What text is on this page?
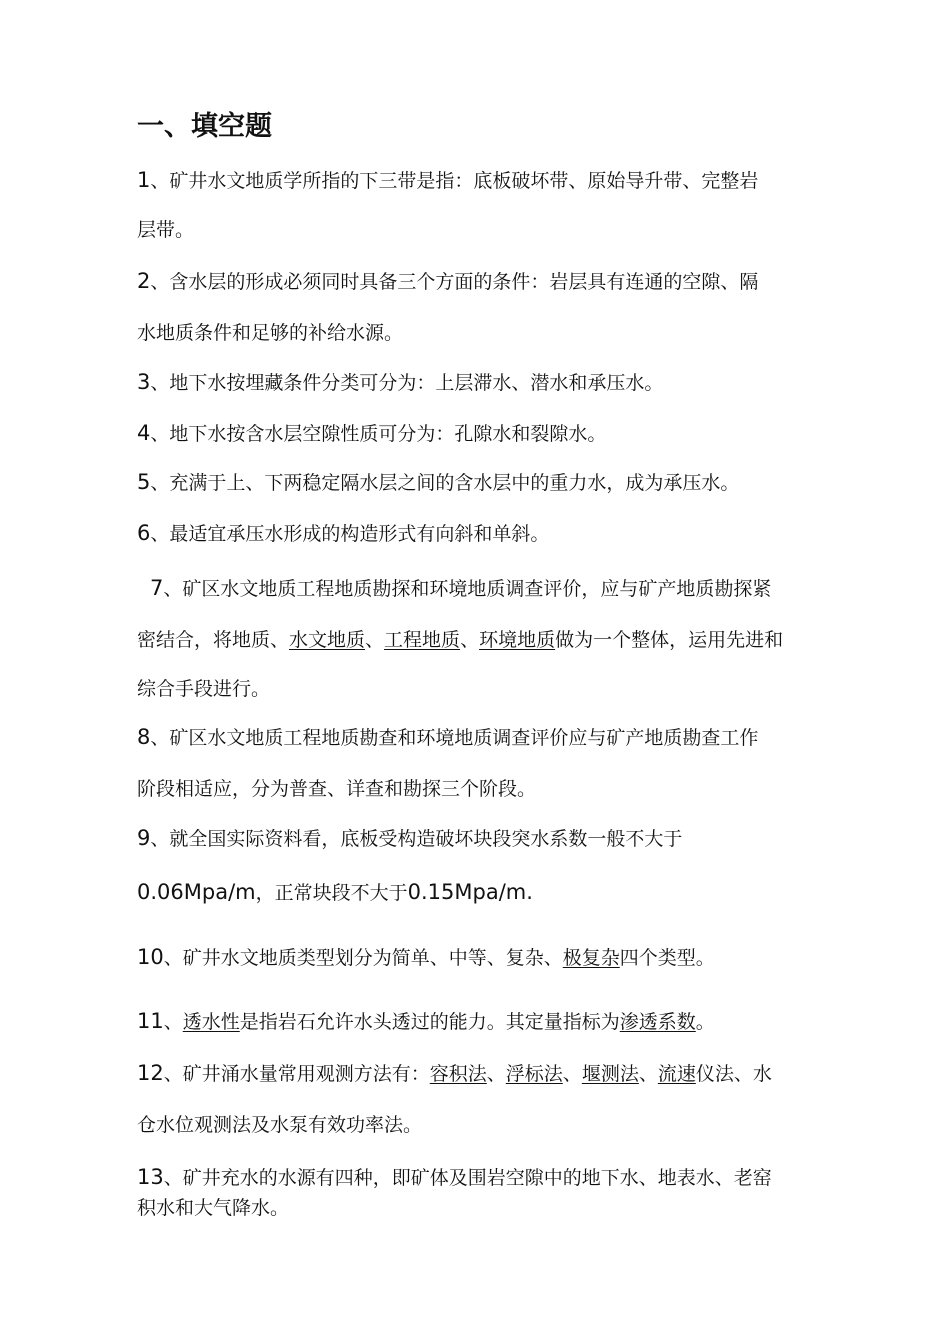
一、填空题
1、矿井水文地质学所指的下三带是指：底板破坏带、原始导升带、完整岩
层带。
2、含水层的形成必须同时具备三个方面的条件：岩层具有连通的空隙、隔
水地质条件和足够的补给水源。
3、地下水按埋藏条件分类可分为：上层滞水、潜水和承压水。
4、地下水按含水层空隙性质可分为：孔隙水和裂隙水。
5、充满于上、下两稳定隔水层之间的含水层中的重力水，成为承压水。
6、最适宜承压水形成的构造形式有向斜和单斜。
7、矿区水文地质工程地质勘探和环境地质调查评价，应与矿产地质勘探紧
密结合，将地质、水文地质、工程地质、环境地质做为一个整体，运用先进和
综合手段进行。
8、矿区水文地质工程地质勘查和环境地质调查评价应与矿产地质勘查工作
阶段相适应，分为普查、详查和勘探三个阶段。
9、就全国实际资料看，底板受构造破坏块段突水系数一般不大于
0.06Mpa/m，正常块段不大于0.15Mpa/m.
10、矿井水文地质类型划分为简单、中等、复杂、极复杂四个类型。
11、透水性是指岩石允许水头透过的能力。其定量指标为渗透系数。
12、矿井涌水量常用观测方法有：容积法、浮标法、堰测法、流速仪法、水
仓水位观测法及水泵有效功率法。
13、矿井充水的水源有四种，即矿体及围岩空隙中的地下水、地表水、老窑
积水和大气降水。
